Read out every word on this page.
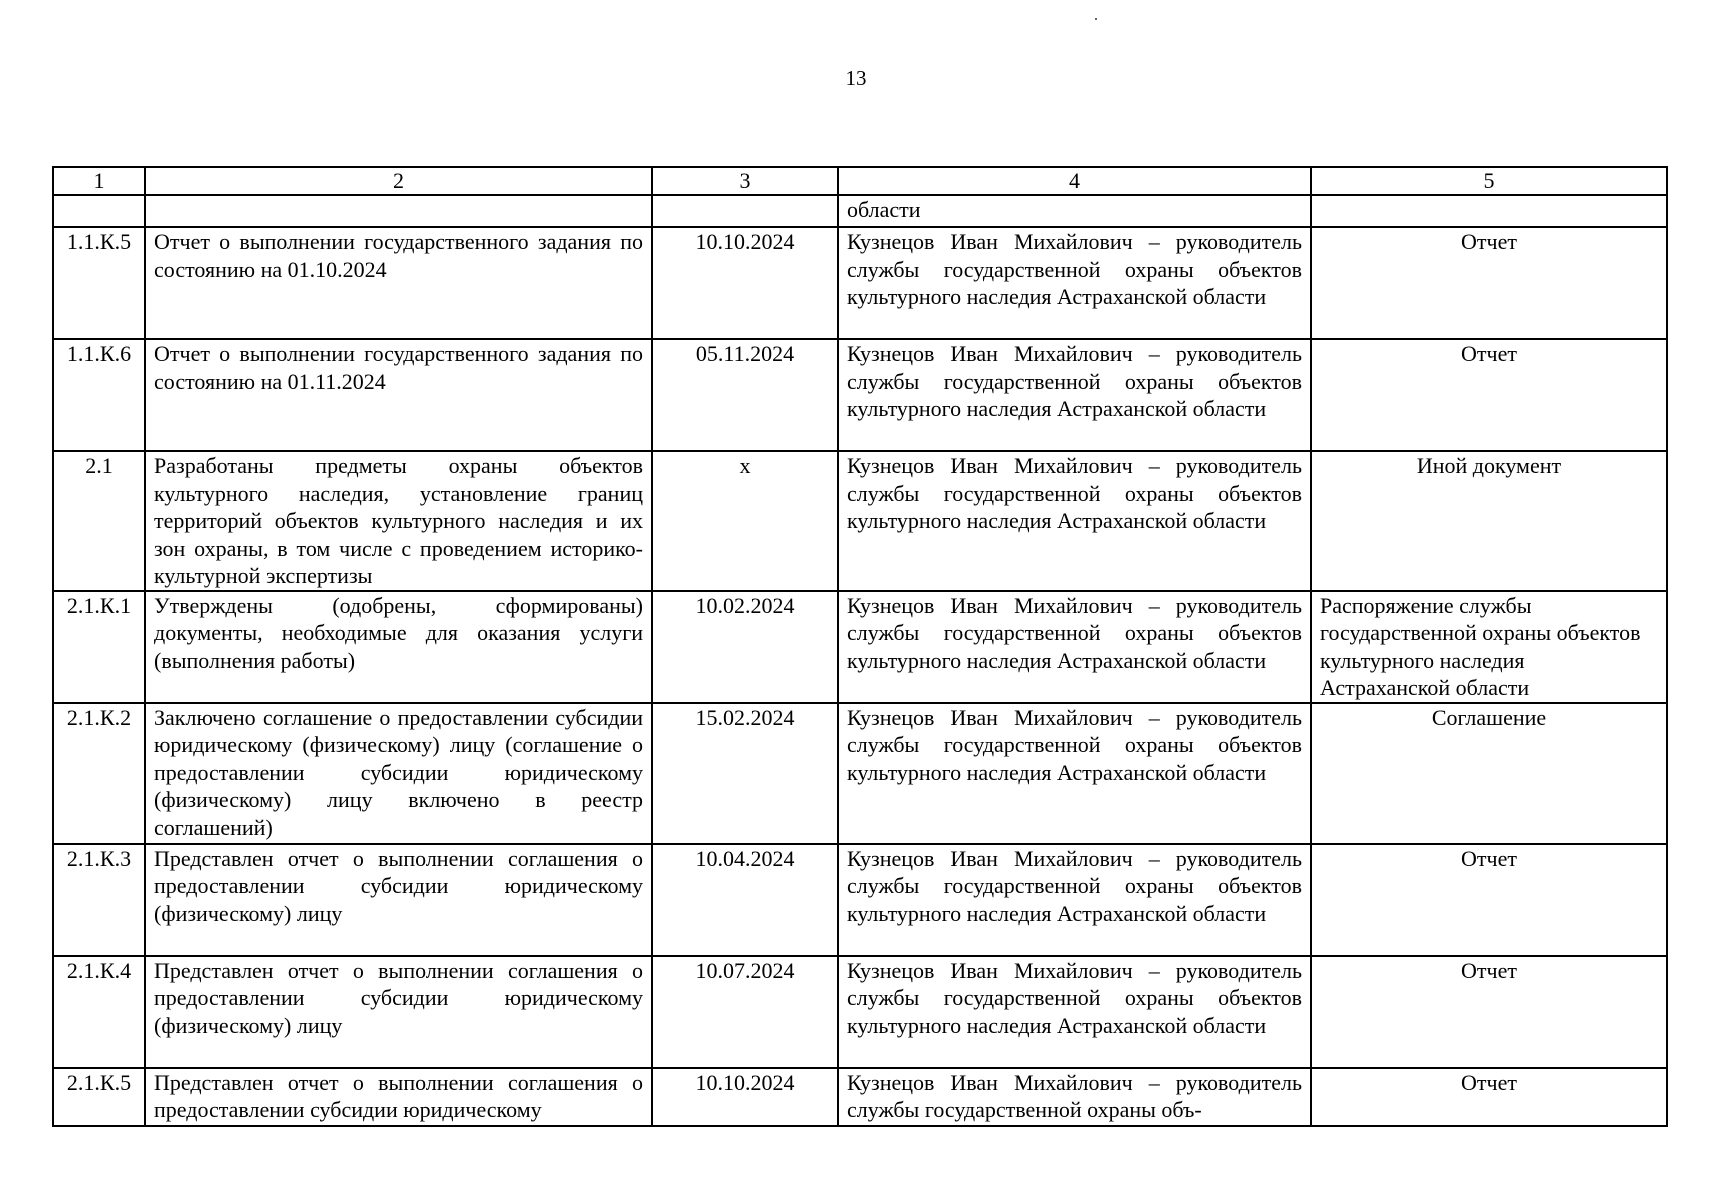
13
1	2	3	4	5
			области	
1.1.К.5	Отчет о выполнении государственного задания по состоянию на 01.10.2024	10.10.2024	Кузнецов Иван Михайлович – руководитель службы государственной охраны объектов культурного наследия Астраханской области	Отчет
1.1.К.6	Отчет о выполнении государственного задания по состоянию на 01.11.2024	05.11.2024	Кузнецов Иван Михайлович – руководитель службы государственной охраны объектов культурного наследия Астраханской области	Отчет
2.1	Разработаны предметы охраны объектов культурного наследия, установление границ территорий объектов культурного наследия и их зон охраны, в том числе с проведением историко-культурной экспертизы	х	Кузнецов Иван Михайлович – руководитель службы государственной охраны объектов культурного наследия Астраханской области	Иной документ
2.1.К.1	Утверждены (одобрены, сформированы) документы, необходимые для оказания услуги (выполнения работы)	10.02.2024	Кузнецов Иван Михайлович – руководитель службы государственной охраны объектов культурного наследия Астраханской области	Распоряжение службы государственной охраны объектов культурного наследия Астраханской области
2.1.К.2	Заключено соглашение о предоставлении субсидии юридическому (физическому) лицу (соглашение о предоставлении субсидии юридическому (физическому) лицу включено в реестр соглашений)	15.02.2024	Кузнецов Иван Михайлович – руководитель службы государственной охраны объектов культурного наследия Астраханской области	Соглашение
2.1.К.3	Представлен отчет о выполнении соглашения о предоставлении субсидии юридическому (физическому) лицу	10.04.2024	Кузнецов Иван Михайлович – руководитель службы государственной охраны объектов культурного наследия Астраханской области	Отчет
2.1.К.4	Представлен отчет о выполнении соглашения о предоставлении субсидии юридическому (физическому) лицу	10.07.2024	Кузнецов Иван Михайлович – руководитель службы государственной охраны объектов культурного наследия Астраханской области	Отчет
2.1.К.5	Представлен отчет о выполнении соглашения о предоставлении субсидии юридическому	10.10.2024	Кузнецов Иван Михайлович – руководитель службы государственной охраны объ-	Отчет
